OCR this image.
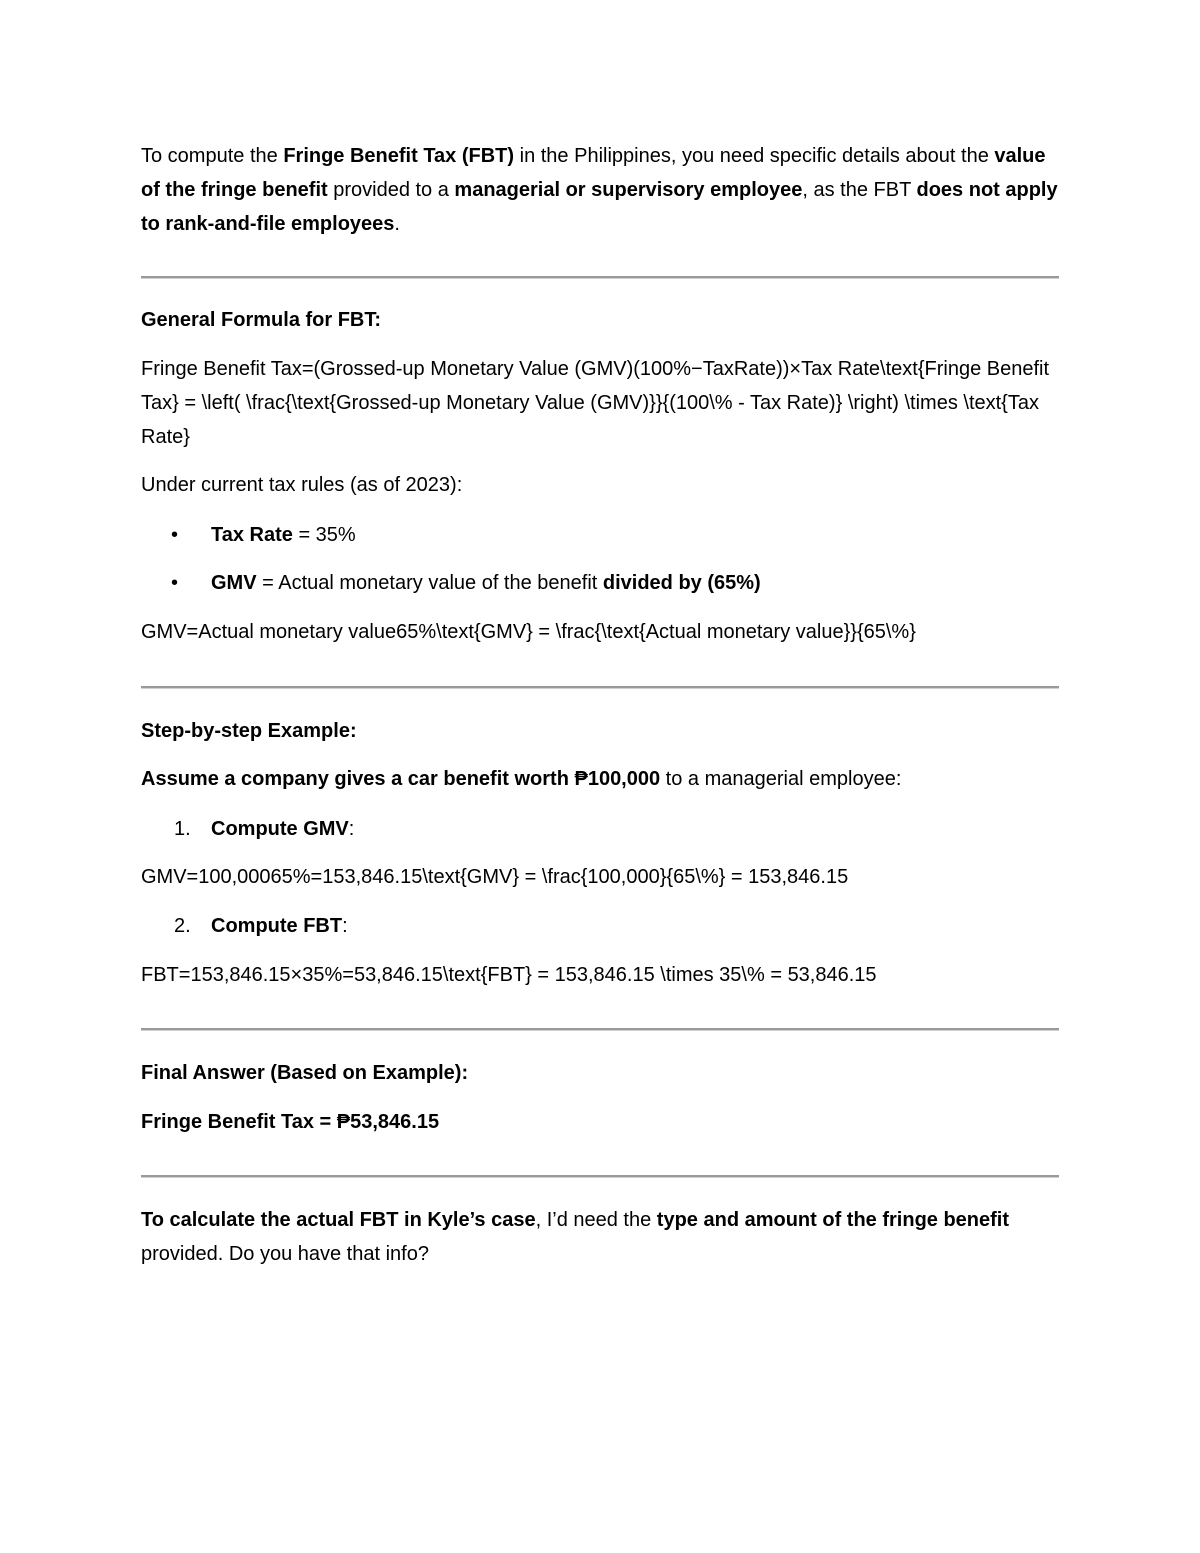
To compute the Fringe Benefit Tax (FBT) in the Philippines, you need specific details about the value of the fringe benefit provided to a managerial or supervisory employee, as the FBT does not apply to rank-and-file employees.

General Formula for FBT:

Fringe Benefit Tax=(Grossed-up Monetary Value (GMV)(100%−TaxRate))×Tax Rate\text{Fringe Benefit Tax} = \left( \frac{\text{Grossed-up Monetary Value (GMV)}}{(100\% - Tax Rate)} \right) \times \text{Tax Rate}

Under current tax rules (as of 2023):

•	Tax Rate = 35%

•	GMV = Actual monetary value of the benefit divided by (65%)

GMV=Actual monetary value65%\text{GMV} = \frac{\text{Actual monetary value}}{65\%}

Step-by-step Example:

Assume a company gives a car benefit worth ₱100,000 to a managerial employee:

1.	Compute GMV:

GMV=100,00065%=153,846.15\text{GMV} = \frac{100,000}{65\%} = 153,846.15

2.	Compute FBT:

FBT=153,846.15×35%=53,846.15\text{FBT} = 153,846.15 \times 35\% = 53,846.15

Final Answer (Based on Example):

Fringe Benefit Tax = ₱53,846.15

To calculate the actual FBT in Kyle’s case, I’d need the type and amount of the fringe benefit provided. Do you have that info?
